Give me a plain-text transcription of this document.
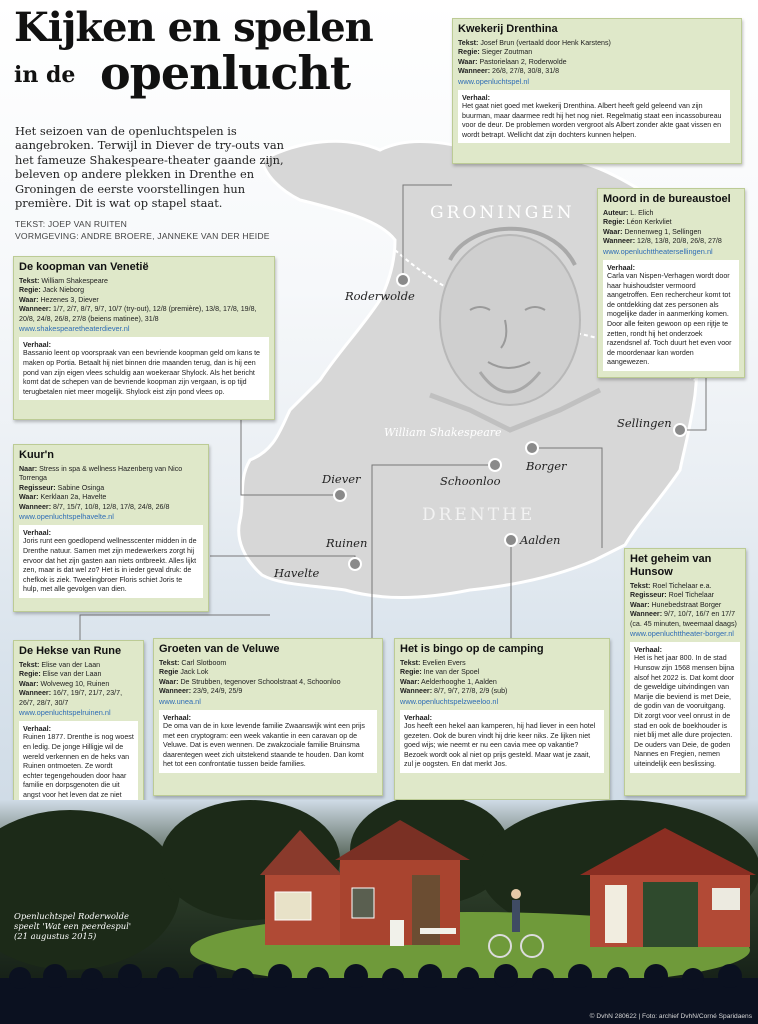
GRONINGEN
DRENTHE
William Shakespeare
Roderwolde
Sellingen
Borger
Schoonloo
Diever
Ruinen
Havelte
Aalden
Kijken en spelen
in de openlucht
Het seizoen van de openluchtspelen is aangebroken. Terwijl in Diever de try-outs van het fameuze Shakespeare-theater gaande zijn, beleven op andere plekken in Drenthe en Groningen de eerste voorstellingen hun première. Dit is wat op stapel staat.
TEKST: JOEP VAN RUITEN
VORMGEVING: ANDRE BROERE, JANNEKE VAN DER HEIDE
Kwekerij Drenthina
Tekst: Josef Brun (vertaald door Henk Karstens)
Regie: Sieger Zoutman
Waar: Pastorielaan 2, Roderwolde
Wanneer: 26/8, 27/8, 30/8, 31/8
www.openluchtspel.nl
Verhaal:
Het gaat niet goed met kwekerij Drenthina. Albert heeft geld geleend van zijn buurman, maar daarmee redt hij het nog niet. Regelmatig staat een incassobureau voor de deur. De problemen worden vergroot als Albert zonder akte gaat vissen en wordt betrapt. Wellicht dat zijn dochters kunnen helpen.
Moord in de bureaustoel
Auteur: L. Elich
Regie: Léon Kerkvliet
Waar: Dennenweg 1, Sellingen
Wanneer: 12/8, 13/8, 20/8, 26/8, 27/8
www.openluchttheatersellingen.nl
Verhaal:
Carla van Nispen-Verhagen wordt door haar huishoudster vermoord aangetroffen. Een rechercheur komt tot de ontdekking dat zes personen als mogelijke dader in aanmerking komen. Door alle feiten gewoon op een rijtje te zetten, rondt hij het onderzoek razendsnel af. Toch duurt het even voor de moordenaar kan worden aangewezen.
De koopman van Venetië
Tekst: William Shakespeare
Regie: Jack Nieborg
Waar: Hezenes 3, Diever
Wanneer: 1/7, 2/7, 8/7, 9/7, 10/7 (try-out), 12/8 (première), 13/8, 17/8, 19/8, 20/8, 24/8, 26/8, 27/8 (beiens matinee), 31/8
www.shakespearetheaterdiever.nl
Verhaal:
Bassanio leent op voorspraak van een bevriende koopman geld om kans te maken op Portia. Betaalt hij niet binnen drie maanden terug, dan is hij een pond van zijn eigen vlees schuldig aan woekeraar Shylock. Als het bericht komt dat de schepen van de bevriende koopman zijn vergaan, is op tijd terugbetalen niet meer mogelijk. Shylock eist zijn pond vlees op.
Kuur'n
Naar: Stress in spa & wellness Hazenberg van Nico Torrenga
Regisseur: Sabine Osinga
Waar: Kerklaan 2a, Havelte
Wanneer: 8/7, 15/7, 10/8, 12/8, 17/8, 24/8, 26/8
www.openluchtspelhavelte.nl
Verhaal:
Joris runt een goedlopend wellnesscenter midden in de Drenthe natuur. Samen met zijn medewerkers zorgt hij ervoor dat het zijn gasten aan niets ontbreekt. Alles lijkt zen, maar is dat wel zo? Het is in ieder geval druk: de chefkok is ziek. Tweelingbroer Floris schiet Joris te hulp, met alle gevolgen van dien.
De Hekse van Rune
Tekst: Elise van der Laan
Regie: Elise van der Laan
Waar: Wolveweg 10, Ruinen
Wanneer: 16/7, 19/7, 21/7, 23/7, 26/7, 28/7, 30/7
www.openluchtspelruinen.nl
Verhaal:
Ruinen 1877. Drenthe is nog woest en ledig. De jonge Hilligje wil de wereld verkennen en de heks van Ruinen ontmoeten. Ze wordt echter tegengehouden door haar familie en dorpsgenoten die uit angst voor het leven dat ze niet
Groeten van de Veluwe
Tekst: Carl Slotboom
Regie Jack Lok
Waar: De Strubben, tegenover Schoolstraat 4, Schoonloo
Wanneer: 23/9, 24/9, 25/9
www.unea.nl
Verhaal:
De oma van de in luxe levende familie Zwaanswijk wint een prijs met een cryptogram: een week vakantie in een caravan op de Veluwe. Dat is even wennen. De zwakzociale familie Bruinsma daarentegen weet zich uitstekend staande te houden. Dan komt het tot een confrontatie tussen beide families.
Het is bingo op de camping
Tekst: Evelien Evers
Regie: Ine van der Spoel
Waar: Aelderhooghe 1, Aalden
Wanneer: 8/7, 9/7, 27/8, 2/9 (sub)
www.openluchtspelzweeloo.nl
Verhaal:
Jos heeft een hekel aan kamperen, hij had liever in een hotel gezeten. Ook de buren vindt hij drie keer niks. Ze lijken niet goed wijs; wie neemt er nu een cavia mee op vakantie? Bezoek wordt ook al niet op prijs gesteld. Maar wat je zaait, zul je oogsten. En dat merkt Jos.
Het geheim van Hunsow
Tekst: Roel Tichelaar e.a.
Regisseur: Roel Tichelaar
Waar: Hunebedstraat Borger
Wanneer: 9/7, 10/7, 16/7 en 17/7 (ca. 45 minuten, tweemaal daags)
www.openluchttheater-borger.nl
Verhaal:
Het is het jaar 800. In de stad Hunsow zijn 1568 mensen bijna alsof het 2022 is. Dat komt door de geweldige uitvindingen van Marije die beviend is met Deie, de godin van de vooruitgang. Dit zorgt voor veel onrust in de stad en ook de boekhouder is niet blij met alle dure projecten. De ouders van Deie, de goden Nannes en Fregien, nemen uiteindelijk een beslissing.
Openluchtspel Roderwolde speelt 'Wat een peerdespul' (21 augustus 2015)
© DvhN 280622 | Foto: archief DvhN/Corné Sparidaens
